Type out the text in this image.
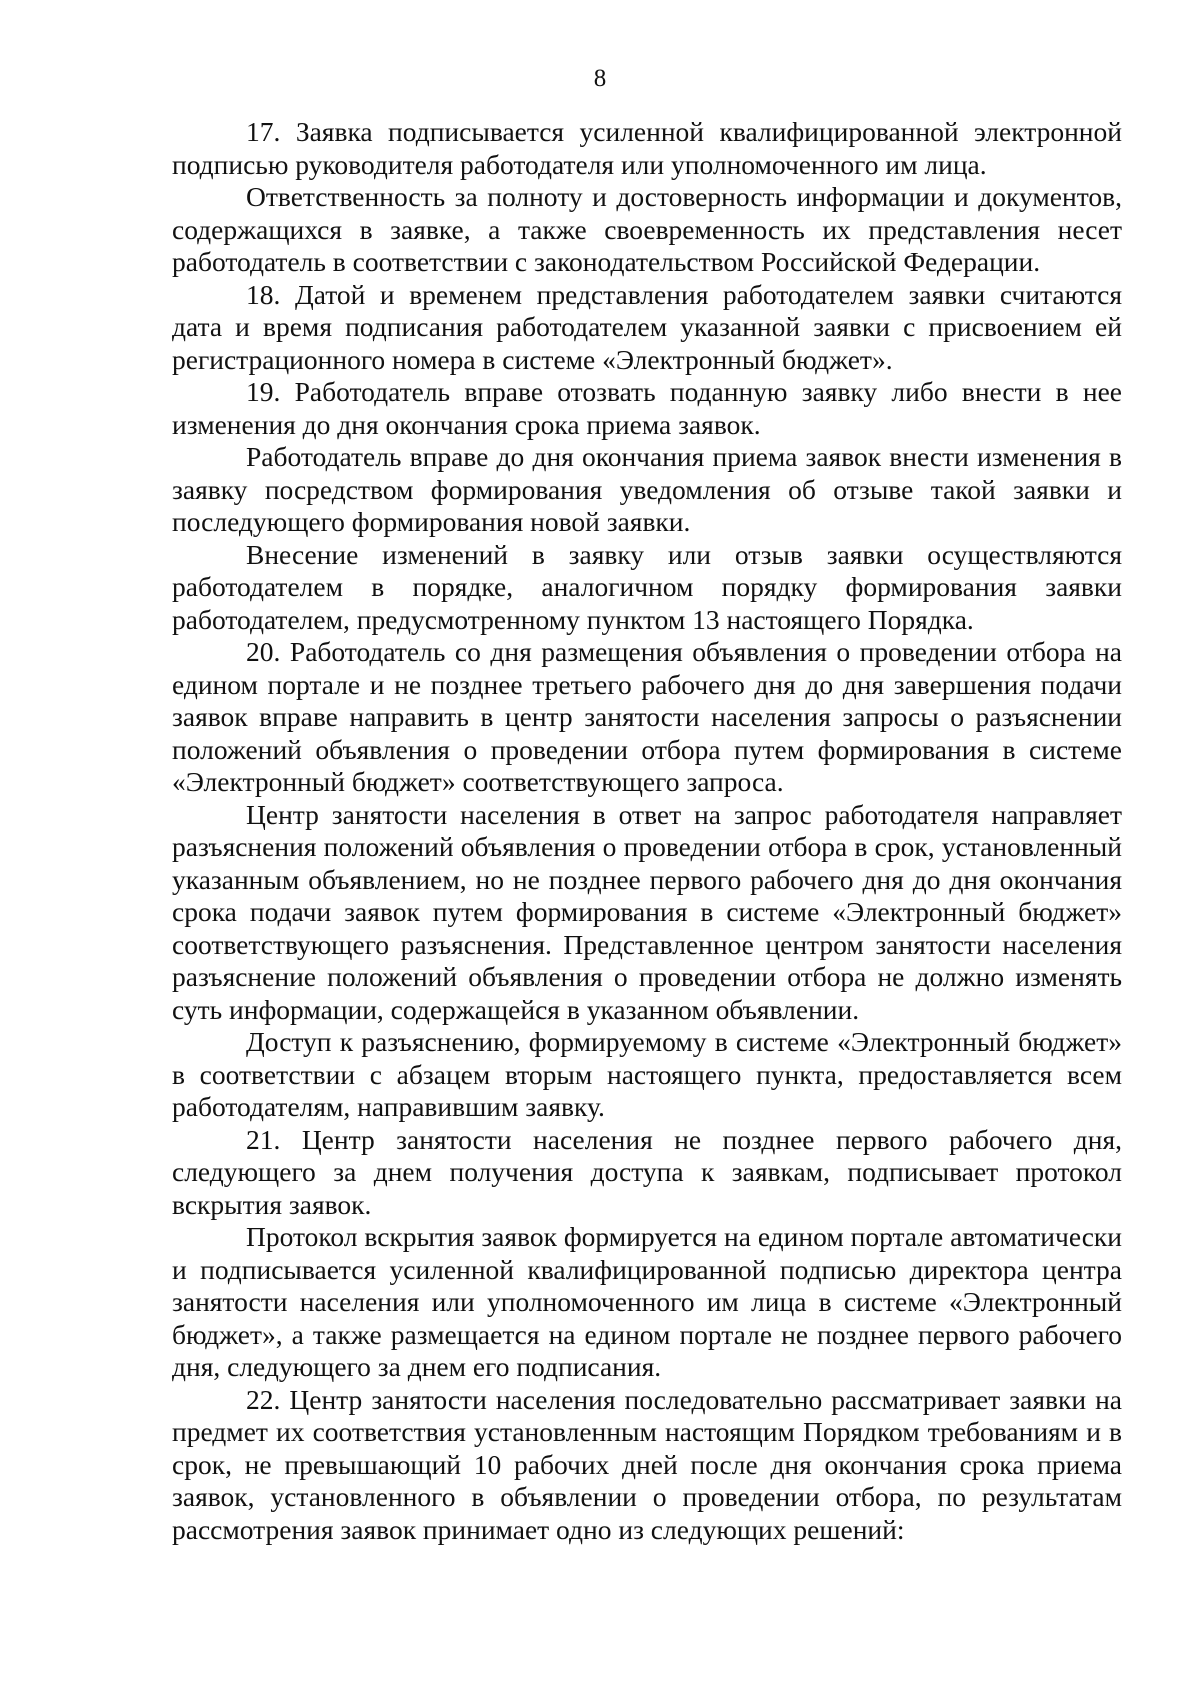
8

17. Заявка подписывается усиленной квалифицированной электронной подписью руководителя работодателя или уполномоченного им лица.

Ответственность за полноту и достоверность информации и документов, содержащихся в заявке, а также своевременность их представления несет работодатель в соответствии с законодательством Российской Федерации.

18. Датой и временем представления работодателем заявки считаются дата и время подписания работодателем указанной заявки с присвоением ей регистрационного номера в системе «Электронный бюджет».

19. Работодатель вправе отозвать поданную заявку либо внести в нее изменения до дня окончания срока приема заявок.

Работодатель вправе до дня окончания приема заявок внести изменения в заявку посредством формирования уведомления об отзыве такой заявки и последующего формирования новой заявки.

Внесение изменений в заявку или отзыв заявки осуществляются работодателем в порядке, аналогичном порядку формирования заявки работодателем, предусмотренному пунктом 13 настоящего Порядка.

20. Работодатель со дня размещения объявления о проведении отбора на едином портале и не позднее третьего рабочего дня до дня завершения подачи заявок вправе направить в центр занятости населения запросы о разъяснении положений объявления о проведении отбора путем формирования в системе «Электронный бюджет» соответствующего запроса.

Центр занятости населения в ответ на запрос работодателя направляет разъяснения положений объявления о проведении отбора в срок, установленный указанным объявлением, но не позднее первого рабочего дня до дня окончания срока подачи заявок путем формирования в системе «Электронный бюджет» соответствующего разъяснения. Представленное центром занятости населения разъяснение положений объявления о проведении отбора не должно изменять суть информации, содержащейся в указанном объявлении.

Доступ к разъяснению, формируемому в системе «Электронный бюджет» в соответствии с абзацем вторым настоящего пункта, предоставляется всем работодателям, направившим заявку.

21. Центр занятости населения не позднее первого рабочего дня, следующего за днем получения доступа к заявкам, подписывает протокол вскрытия заявок.

Протокол вскрытия заявок формируется на едином портале автоматически и подписывается усиленной квалифицированной подписью директора центра занятости населения или уполномоченного им лица в системе «Электронный бюджет», а также размещается на едином портале не позднее первого рабочего дня, следующего за днем его подписания.

22. Центр занятости населения последовательно рассматривает заявки на предмет их соответствия установленным настоящим Порядком требованиям и в срок, не превышающий 10 рабочих дней после дня окончания срока приема заявок, установленного в объявлении о проведении отбора, по результатам рассмотрения заявок принимает одно из следующих решений:
